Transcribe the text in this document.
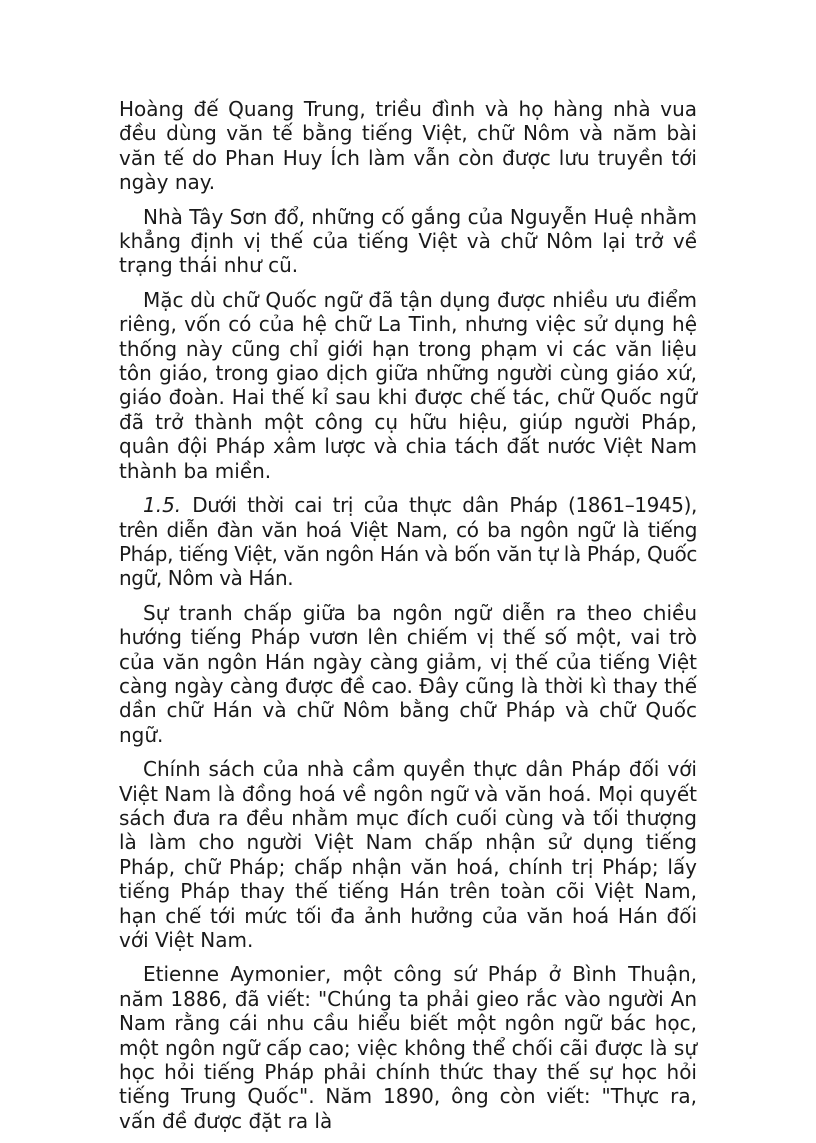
Hoàng đế Quang Trung, triều đình và họ hàng nhà vua đều dùng văn tế bằng tiếng Việt, chữ Nôm và năm bài văn tế do Phan Huy Ích làm vẫn còn được lưu truyền tới ngày nay.

Nhà Tây Sơn đổ, những cố gắng của Nguyễn Huệ nhằm khẳng định vị thế của tiếng Việt và chữ Nôm lại trở về trạng thái như cũ.

Mặc dù chữ Quốc ngữ đã tận dụng được nhiều ưu điểm riêng, vốn có của hệ chữ La Tinh, nhưng việc sử dụng hệ thống này cũng chỉ giới hạn trong phạm vi các văn liệu tôn giáo, trong giao dịch giữa những người cùng giáo xứ, giáo đoàn. Hai thế kỉ sau khi được chế tác, chữ Quốc ngữ đã trở thành một công cụ hữu hiệu, giúp người Pháp, quân đội Pháp xâm lược và chia tách đất nước Việt Nam thành ba miền.

1.5. Dưới thời cai trị của thực dân Pháp (1861–1945), trên diễn đàn văn hoá Việt Nam, có ba ngôn ngữ là tiếng Pháp, tiếng Việt, văn ngôn Hán và bốn văn tự là Pháp, Quốc ngữ, Nôm và Hán.

Sự tranh chấp giữa ba ngôn ngữ diễn ra theo chiều hướng tiếng Pháp vươn lên chiếm vị thế số một, vai trò của văn ngôn Hán ngày càng giảm, vị thế của tiếng Việt càng ngày càng được đề cao. Đây cũng là thời kì thay thế dần chữ Hán và chữ Nôm bằng chữ Pháp và chữ Quốc ngữ.

Chính sách của nhà cầm quyền thực dân Pháp đối với Việt Nam là đồng hoá về ngôn ngữ và văn hoá. Mọi quyết sách đưa ra đều nhằm mục đích cuối cùng và tối thượng là làm cho người Việt Nam chấp nhận sử dụng tiếng Pháp, chữ Pháp; chấp nhận văn hoá, chính trị Pháp; lấy tiếng Pháp thay thế tiếng Hán trên toàn cõi Việt Nam, hạn chế tới mức tối đa ảnh hưởng của văn hoá Hán đối với Việt Nam.

Etienne Aymonier, một công sứ Pháp ở Bình Thuận, năm 1886, đã viết: "Chúng ta phải gieo rắc vào người An Nam rằng cái nhu cầu hiểu biết một ngôn ngữ bác học, một ngôn ngữ cấp cao; việc không thể chối cãi được là sự học hỏi tiếng Pháp phải chính thức thay thế sự học hỏi tiếng Trung Quốc". Năm 1890, ông còn viết: "Thực ra, vấn đề được đặt ra là
